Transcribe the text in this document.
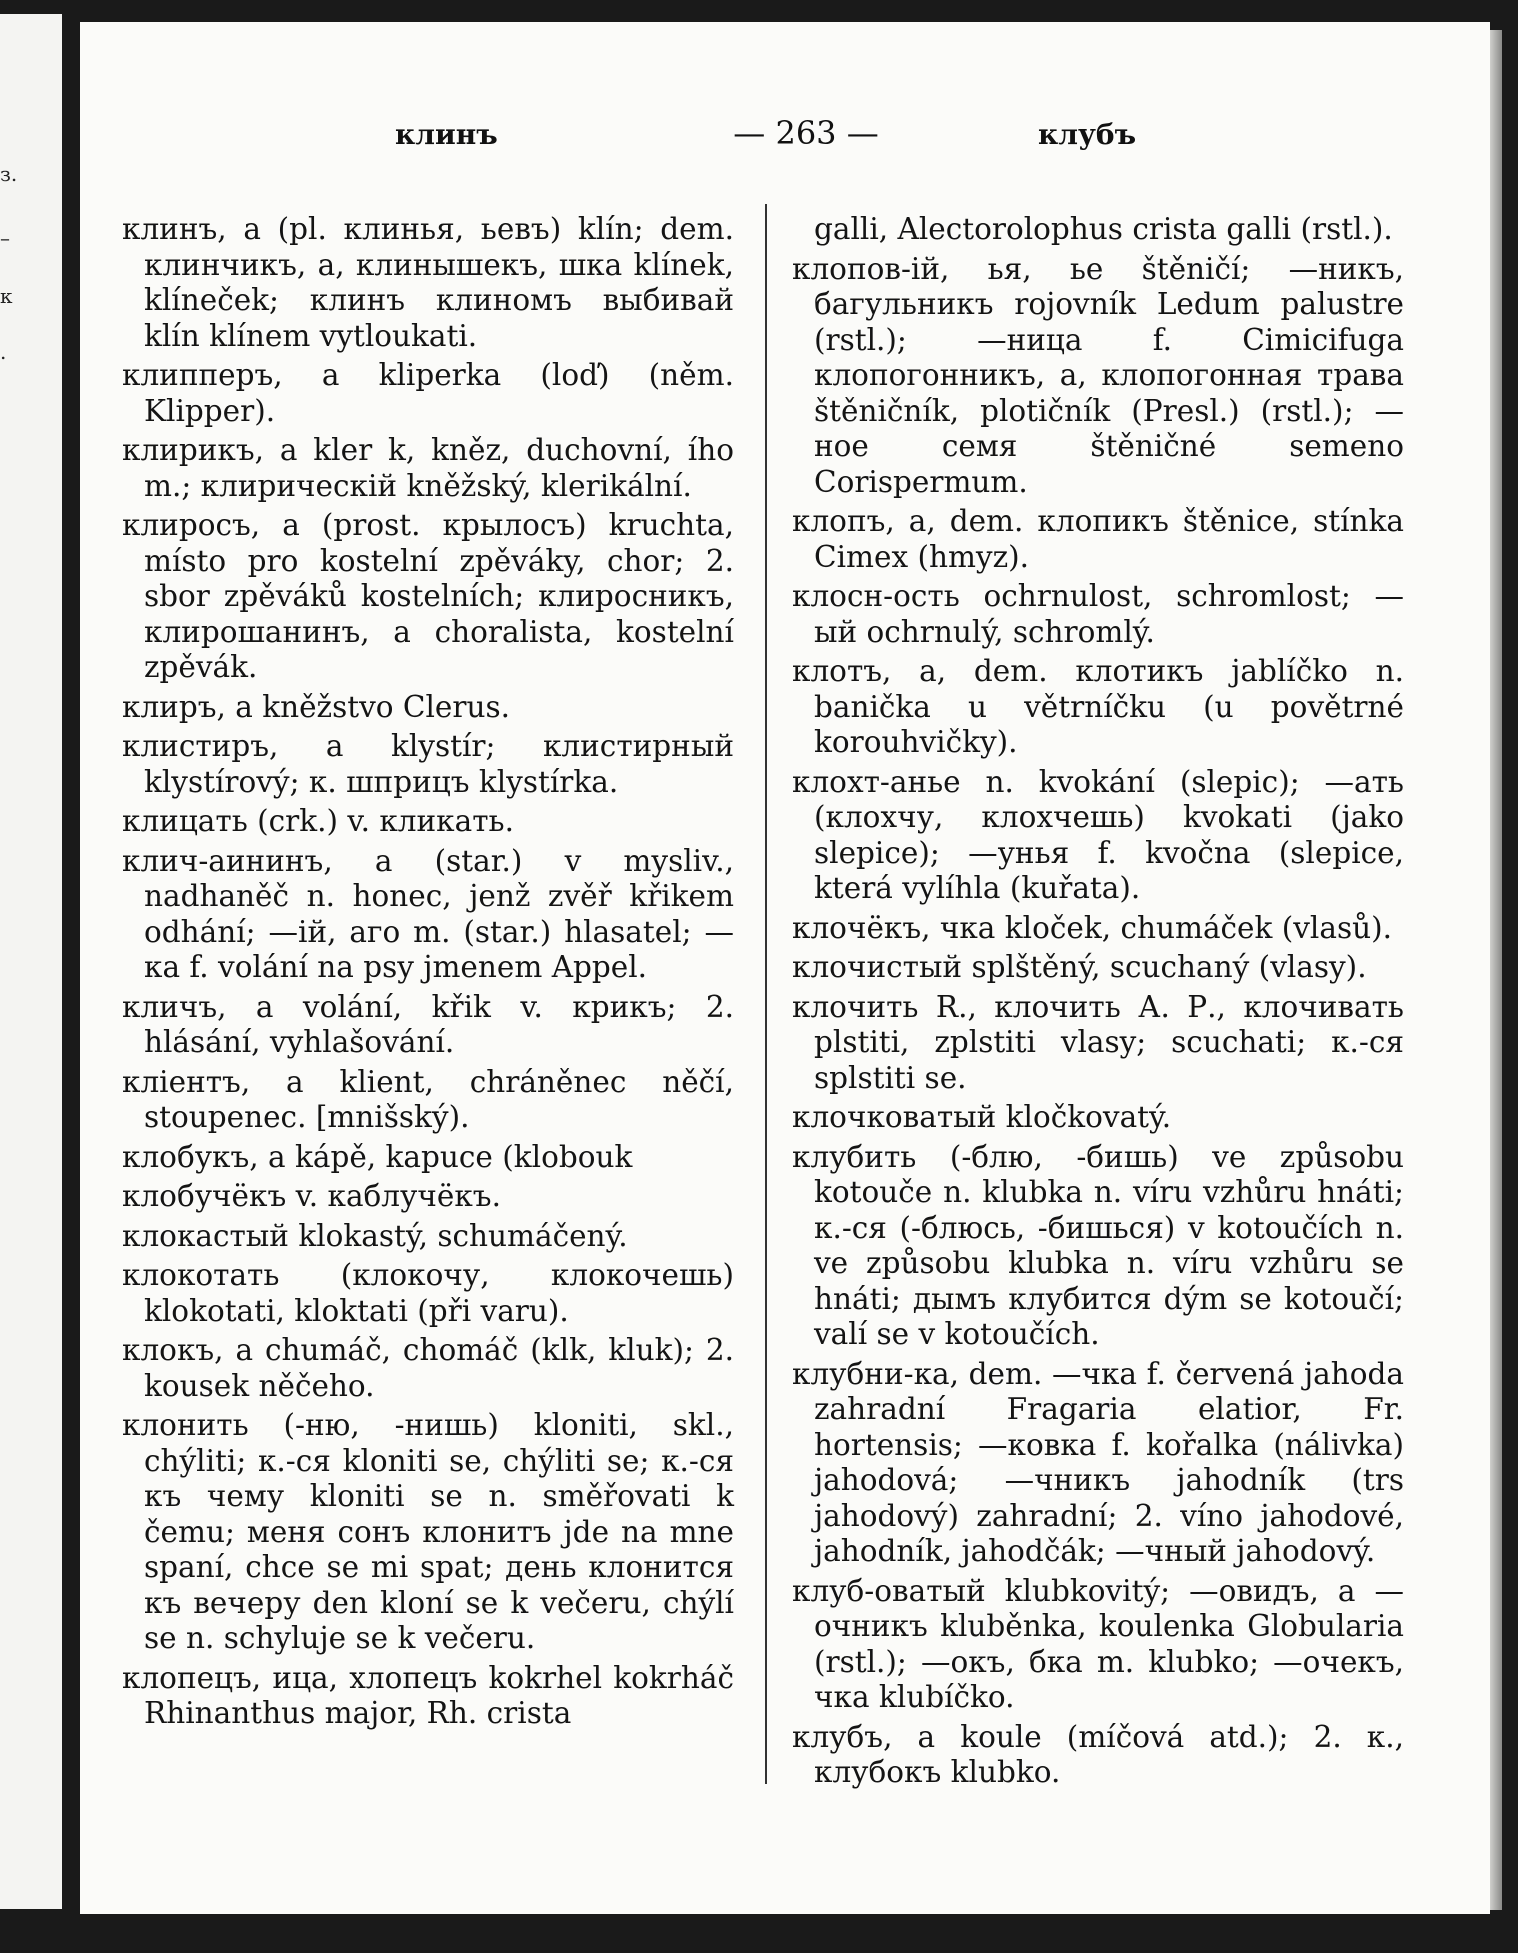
з.
–
к
.
клинъ	— 263 —	клубъ

клинъ, а (pl. клинья, ьевъ) klín; dem. клинчикъ, а, клинышекъ, шка klínek, klíneček; клинъ клиномъ выбивай klín klínem vytloukati.

клипперъ, а kliperka (loď) (něm. Klipper).

клирикъ, а kler k, kněz, duchovní, íhо m.; клирическій kněžský, klerikální.

клиросъ, а (prost. крылосъ) kruchta, místo pro kostelní zpěváky, chor; 2. sbor zpěváků kostelních; клиросникъ, клирошанинъ, а choralista, kostelní zpěvák.

клиръ, а kněžstvo Clerus.

клистиръ, а klystír; клистирный klystírový; к. шприцъ klystírka.

клицать (crk.) v. кликать.

клич-аининъ, а (star.) v mysliv., nadhaněč n. honec, jenž zvěř křikem odhání; —ій, аго m. (star.) hlasatel; —ка f. volání na psy jmenem Appel.

кличъ, а volání, křik v. крикъ; 2. hlásání, vyhlašování.

кліентъ, а klient, chráněnec něčí, stoupenec. [mnišský).

клобукъ, а kápě, kapuce (klobouk

клобучёкъ v. каблучёкъ.

клокастый klokastý, schumáčený.

клокотать (клокочу, клокочешь) klokotati, kloktati (při varu).

клокъ, а chumáč, chomáč (klk, kluk); 2. kousek něčeho.

клонить (-ню, -нишь) kloniti, skl., chýliti; к.-ся kloniti se, chýliti se; к.-ся къ чему kloniti se n. směřovati k čemu; меня сонъ клонитъ jde na mne spaní, chce se mi spat; день клонится къ вечеру den kloní se k večeru, chýlí se n. schyluje se k večeru.

клопецъ, ица, хлопецъ kokrhel kokrháč Rhinanthus major, Rh. crista

galli, Alectorolophus crista galli (rstl.).

клопов-ій, ья, ье štěničí; —никъ, багульникъ rojovník Ledum palustre (rstl.); —ница f. Cimicifuga клопогонникъ, а, клопогонная трава štěničník, plotičník (Presl.) (rstl.); —ное семя štěničné semeno Corispermum.

клопъ, а, dem. клопикъ štěnice, stínka Cimex (hmyz).

клосн-ость ochrnulost, schromlost; —ый ochrnulý, schromlý.

клотъ, а, dem. клотикъ jablíčko n. banička u větrníčku (u povětrné korouhvičky).

клохт-анье n. kvokání (slepic); —ать (клохчу, клохчешь) kvokati (jako slepice); —унья f. kvočna (slepice, která vylíhla (kuřata).

клочёкъ, чка kloček, chumáček (vlasů).

клочистый splštěný, scuchaný (vlasy).

клочить R., клочить А. Р., клочивать plstiti, zplstiti vlasy; scuchati; к.-ся splstiti se.

клочковатый kločkovatý.

клубить (-блю, -бишь) ve způsobu kotouče n. klubka n. víru vzhůru hnáti; к.-ся (-блюсь, -бишься) v kotoučích n. ve způsobu klubka n. víru vzhůru se hnáti; дымъ клубится dým se kotoučí; valí se v kotoučích.

клубни-ка, dem. —чка f. červená jahoda zahradní Fragaria elatior, Fr. hortensis; —ковка f. kořalka (nálivka) jahodová; —чникъ jahodník (trs jahodový) zahradní; 2. víno jahodové, jahodník, jahodčák; —чный jahodový.

клуб-оватый klubkovitý; —овидъ, а —очникъ kluběnka, koulenka Globularia (rstl.); —окъ, бка m. klubko; —очекъ, чка klubíčko.

клубъ, а koule (míčová atd.); 2. к., клубокъ klubko.
